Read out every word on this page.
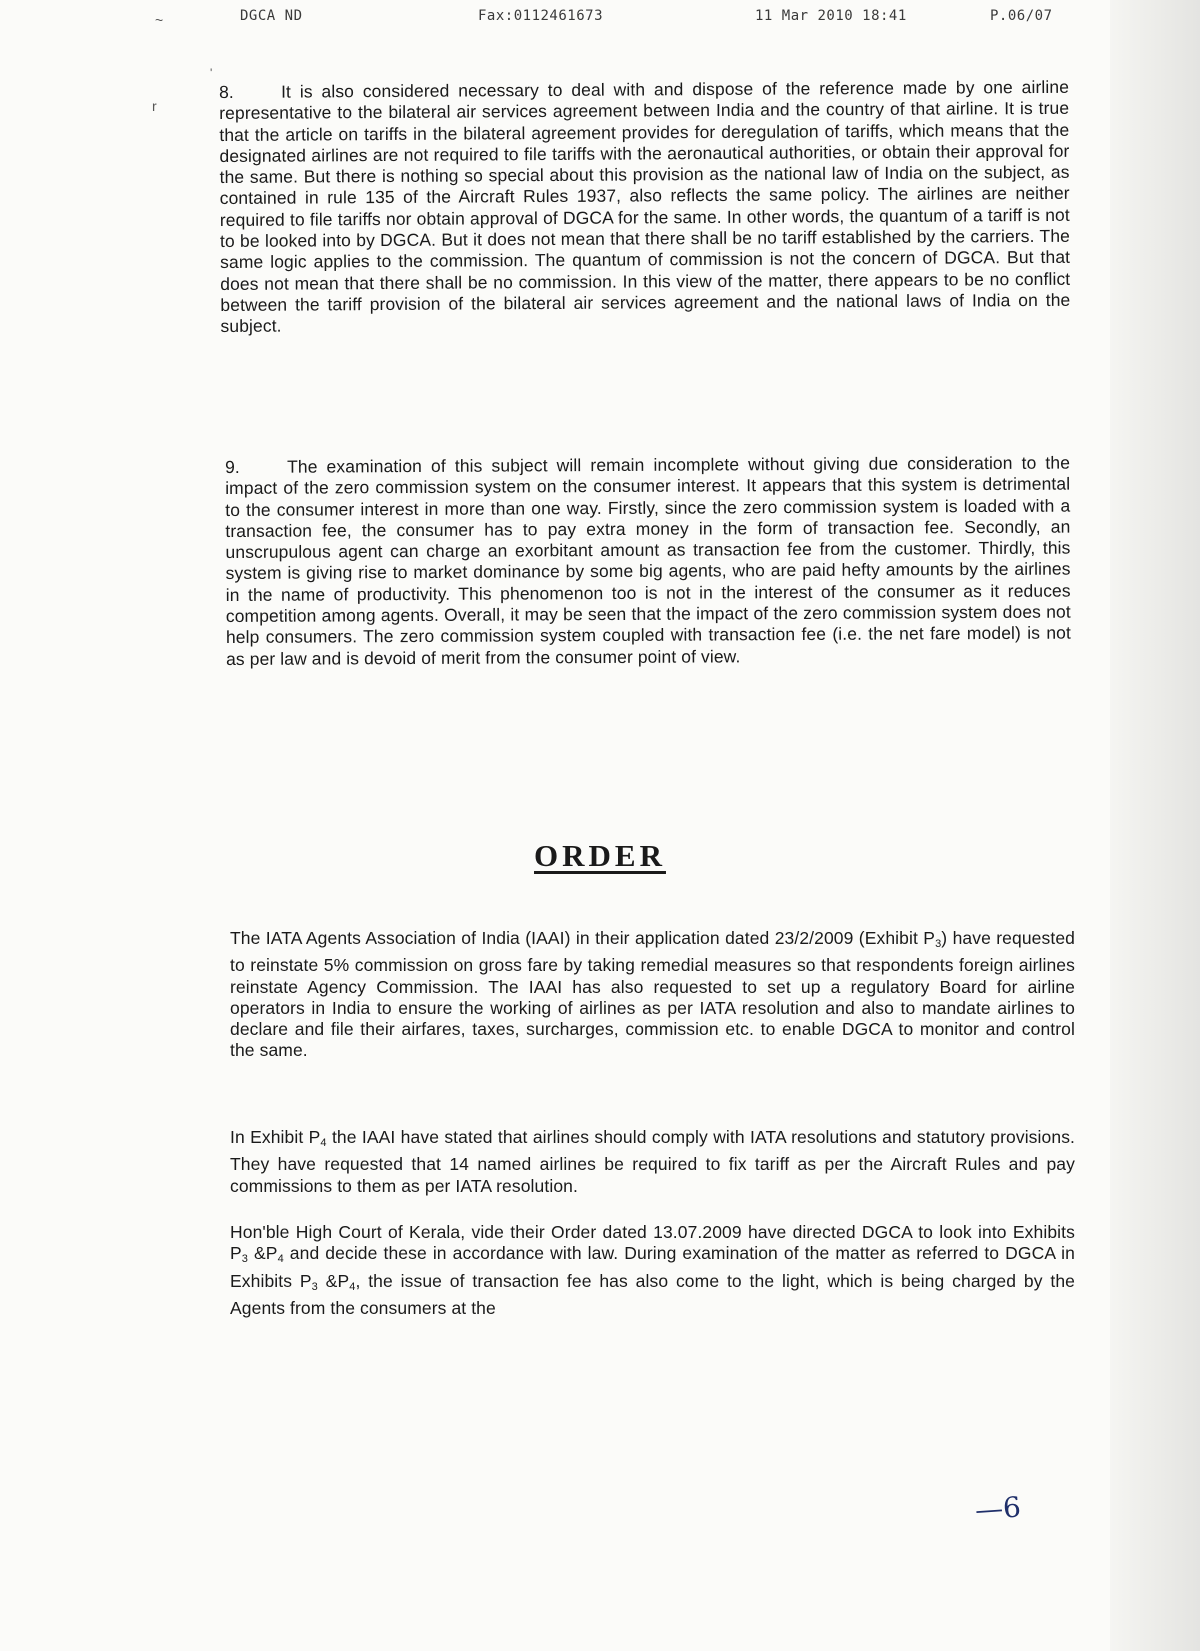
DGCA ND	Fax:0112461673	11 Mar 2010 18:41	P.06/07
~
r
'
8.	It is also considered necessary to deal with and dispose of the reference made by one airline representative to the bilateral air services agreement between India and the country of that airline. It is true that the article on tariffs in the bilateral agreement provides for deregulation of tariffs, which means that the designated airlines are not required to file tariffs with the aeronautical authorities, or obtain their approval for the same. But there is nothing so special about this provision as the national law of India on the subject, as contained in rule 135 of the Aircraft Rules 1937, also reflects the same policy. The airlines are neither required to file tariffs nor obtain approval of DGCA for the same. In other words, the quantum of a tariff is not to be looked into by DGCA. But it does not mean that there shall be no tariff established by the carriers. The same logic applies to the commission. The quantum of commission is not the concern of DGCA. But that does not mean that there shall be no commission. In this view of the matter, there appears to be no conflict between the tariff provision of the bilateral air services agreement and the national laws of India on the subject.
9.	The examination of this subject will remain incomplete without giving due consideration to the impact of the zero commission system on the consumer interest. It appears that this system is detrimental to the consumer interest in more than one way. Firstly, since the zero commission system is loaded with a transaction fee, the consumer has to pay extra money in the form of transaction fee. Secondly, an unscrupulous agent can charge an exorbitant amount as transaction fee from the customer. Thirdly, this system is giving rise to market dominance by some big agents, who are paid hefty amounts by the airlines in the name of productivity. This phenomenon too is not in the interest of the consumer as it reduces competition among agents. Overall, it may be seen that the impact of the zero commission system does not help consumers. The zero commission system coupled with transaction fee (i.e. the net fare model) is not as per law and is devoid of merit from the consumer point of view.
ORDER
The IATA Agents Association of India (IAAI) in their application dated 23/2/2009 (Exhibit $P_3$) have requested to reinstate 5% commission on gross fare by taking remedial measures so that respondents foreign airlines reinstate Agency Commission. The IAAI has also requested to set up a regulatory Board for airline operators in India to ensure the working of airlines as per IATA resolution and also to mandate airlines to declare and file their airfares, taxes, surcharges, commission etc. to enable DGCA to monitor and control the same.
In Exhibit $P_4$ the IAAI have stated that airlines should comply with IATA resolutions and statutory provisions. They have requested that 14 named airlines be required to fix tariff as per the Aircraft Rules and pay commissions to them as per IATA resolution.
Hon'ble High Court of Kerala, vide their Order dated 13.07.2009 have directed DGCA to look into Exhibits $P_3$ $\&P_4$ and decide these in accordance with law. During examination of the matter as referred to DGCA in Exhibits $P_3$ $\&P_4$, the issue of transaction fee has also come to the light, which is being charged by the Agents from the consumers at the
—6
